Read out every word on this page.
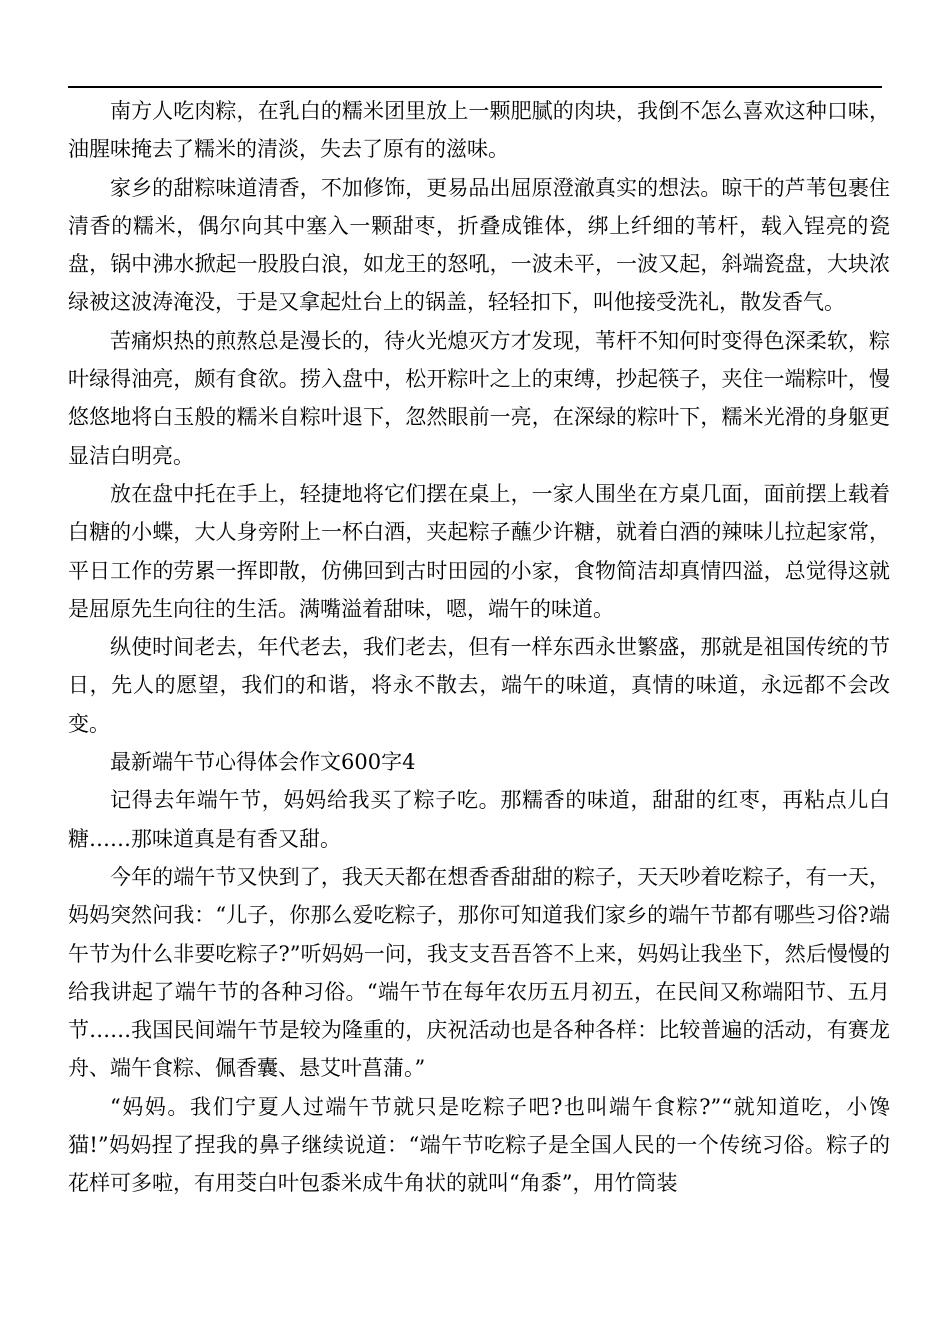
南方人吃肉粽，在乳白的糯米团里放上一颗肥腻的肉块，我倒不怎么喜欢这种口味，油腥味掩去了糯米的清淡，失去了原有的滋味。

家乡的甜粽味道清香，不加修饰，更易品出屈原澄澈真实的想法。晾干的芦苇包裹住清香的糯米，偶尔向其中塞入一颗甜枣，折叠成锥体，绑上纤细的苇杆，载入锃亮的瓷盘，锅中沸水掀起一股股白浪，如龙王的怒吼，一波未平，一波又起，斜端瓷盘，大块浓绿被这波涛淹没，于是又拿起灶台上的锅盖，轻轻扣下，叫他接受洗礼，散发香气。

苦痛炽热的煎熬总是漫长的，待火光熄灭方才发现，苇杆不知何时变得色深柔软，粽叶绿得油亮，颇有食欲。捞入盘中，松开粽叶之上的束缚，抄起筷子，夹住一端粽叶，慢悠悠地将白玉般的糯米自粽叶退下，忽然眼前一亮，在深绿的粽叶下，糯米光滑的身躯更显洁白明亮。

放在盘中托在手上，轻捷地将它们摆在桌上，一家人围坐在方桌几面，面前摆上载着白糖的小蝶，大人身旁附上一杯白酒，夹起粽子蘸少许糖，就着白酒的辣味儿拉起家常，平日工作的劳累一挥即散，仿佛回到古时田园的小家，食物简洁却真情四溢，总觉得这就是屈原先生向往的生活。满嘴溢着甜味，嗯，端午的味道。

纵使时间老去，年代老去，我们老去，但有一样东西永世繁盛，那就是祖国传统的节日，先人的愿望，我们的和谐，将永不散去，端午的味道，真情的味道，永远都不会改变。

最新端午节心得体会作文600字4

记得去年端午节，妈妈给我买了粽子吃。那糯香的味道，甜甜的红枣，再粘点儿白糖……那味道真是有香又甜。

今年的端午节又快到了，我天天都在想香香甜甜的粽子，天天吵着吃粽子，有一天，妈妈突然问我：“儿子，你那么爱吃粽子，那你可知道我们家乡的端午节都有哪些习俗?端午节为什么非要吃粽子?”听妈妈一问，我支支吾吾答不上来，妈妈让我坐下，然后慢慢的给我讲起了端午节的各种习俗。“端午节在每年农历五月初五，在民间又称端阳节、五月节……我国民间端午节是较为隆重的，庆祝活动也是各种各样：比较普遍的活动，有赛龙舟、端午食粽、佩香囊、悬艾叶菖蒲。”

“妈妈。我们宁夏人过端午节就只是吃粽子吧?也叫端午食粽?”“就知道吃，小馋猫!”妈妈捏了捏我的鼻子继续说道：“端午节吃粽子是全国人民的一个传统习俗。粽子的花样可多啦，有用茭白叶包黍米成牛角状的就叫“角黍”，用竹筒装
